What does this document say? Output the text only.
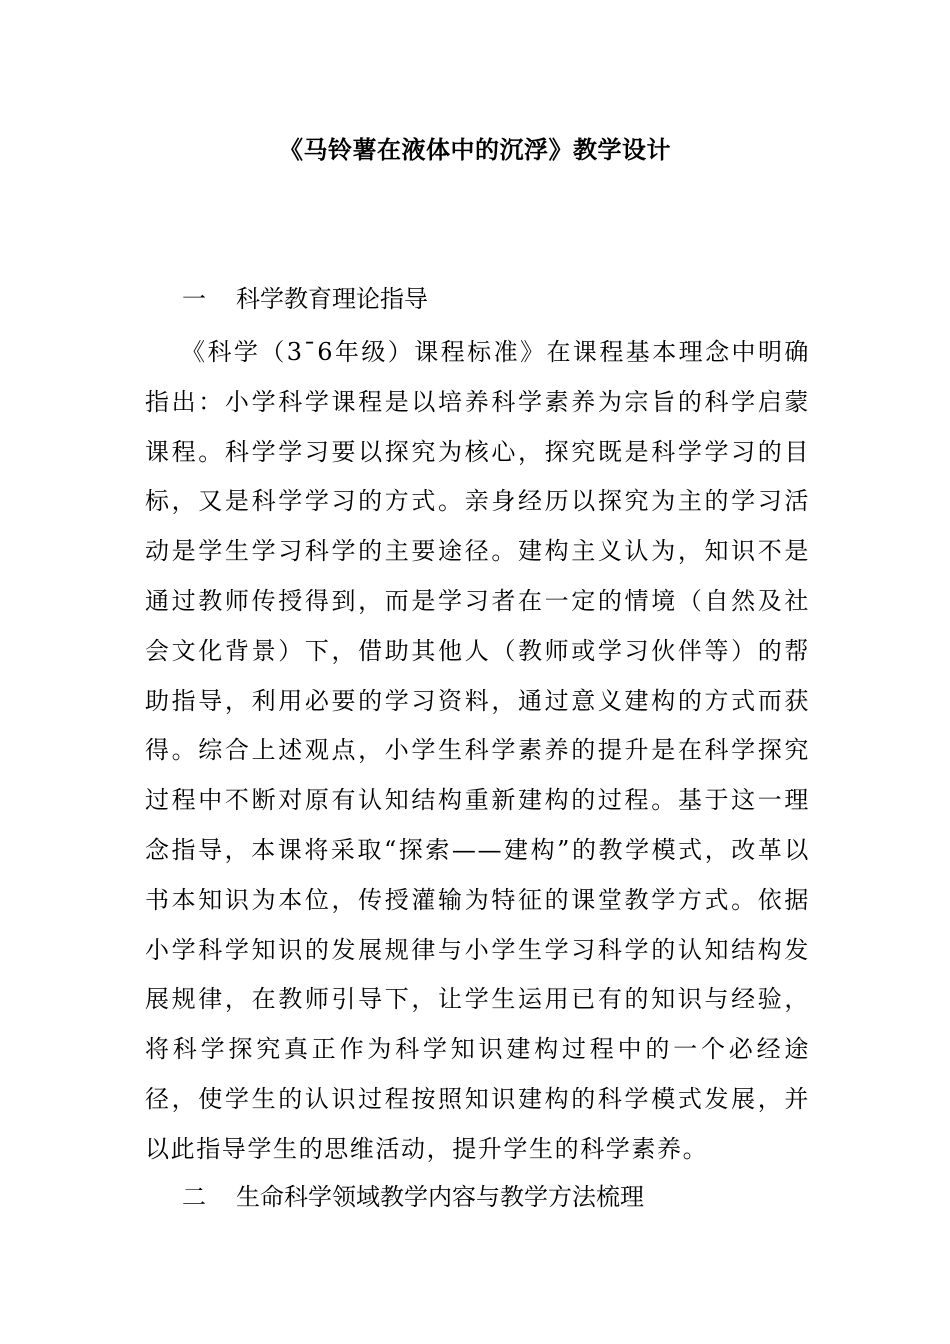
《马铃薯在液体中的沉浮》教学设计
一 科学教育理论指导

《科学（3¯6年级）课程标准》在课程基本理念中明确指出：小学科学课程是以培养科学素养为宗旨的科学启蒙课程。科学学习要以探究为核心，探究既是科学学习的目标，又是科学学习的方式。亲身经历以探究为主的学习活动是学生学习科学的主要途径。建构主义认为，知识不是通过教师传授得到，而是学习者在一定的情境（自然及社会文化背景）下，借助其他人（教师或学习伙伴等）的帮助指导，利用必要的学习资料，通过意义建构的方式而获得。综合上述观点，小学生科学素养的提升是在科学探究过程中不断对原有认知结构重新建构的过程。基于这一理念指导，本课将采取“探索——建构”的教学模式，改革以书本知识为本位，传授灌输为特征的课堂教学方式。依据小学科学知识的发展规律与小学生学习科学的认知结构发展规律，在教师引导下，让学生运用已有的知识与经验，将科学探究真正作为科学知识建构过程中的一个必经途径，使学生的认识过程按照知识建构的科学模式发展，并以此指导学生的思维活动，提升学生的科学素养。

二 生命科学领域教学内容与教学方法梳理
